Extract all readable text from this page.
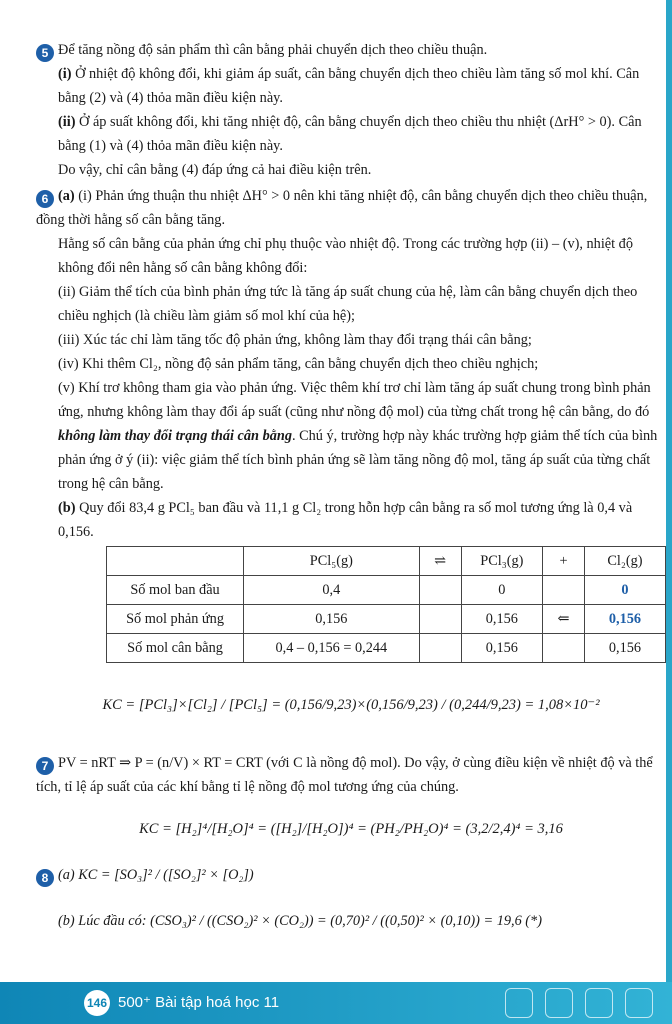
5 Để tăng nồng độ sản phẩm thì cân bằng phải chuyển dịch theo chiều thuận.

(i) Ở nhiệt độ không đổi, khi giảm áp suất, cân bằng chuyển dịch theo chiều làm tăng số mol khí. Cân bằng (2) và (4) thỏa mãn điều kiện này.

(ii) Ở áp suất không đổi, khi tăng nhiệt độ, cân bằng chuyển dịch theo chiều thu nhiệt (ΔrH° > 0). Cân bằng (1) và (4) thỏa mãn điều kiện này.

Do vậy, chỉ cân bằng (4) đáp ứng cả hai điều kiện trên.

6 (a) (i) Phản ứng thuận thu nhiệt ΔH° > 0 nên khi tăng nhiệt độ, cân bằng chuyển dịch theo chiều thuận, đồng thời hằng số cân bằng tăng.

Hằng số cân bằng của phản ứng chỉ phụ thuộc vào nhiệt độ. Trong các trường hợp (ii) – (v), nhiệt độ không đổi nên hằng số cân bằng không đổi:

(ii) Giảm thể tích của bình phản ứng tức là tăng áp suất chung của hệ, làm cân bằng chuyển dịch theo chiều nghịch (là chiều làm giảm số mol khí của hệ);

(iii) Xúc tác chỉ làm tăng tốc độ phản ứng, không làm thay đổi trạng thái cân bằng;

(iv) Khi thêm Cl₂, nồng độ sản phẩm tăng, cân bằng chuyển dịch theo chiều nghịch;

(v) Khí trơ không tham gia vào phản ứng. Việc thêm khí trơ chỉ làm tăng áp suất chung trong bình phản ứng, nhưng không làm thay đổi áp suất (cũng như nồng độ mol) của từng chất trong hệ cân bằng, do đó không làm thay đổi trạng thái cân bằng. Chú ý, trường hợp này khác trường hợp giảm thể tích của bình phản ứng ở ý (ii): việc giảm thể tích bình phản ứng sẽ làm tăng nồng độ mol, tăng áp suất của từng chất trong hệ cân bằng.

(b) Quy đổi 83,4 g PCl₅ ban đầu và 11,1 g Cl₂ trong hỗn hợp cân bằng ra số mol tương ứng là 0,4 và 0,156.

	PCl₅(g)	⇌	PCl₃(g)	+	Cl₂(g)
Số mol ban đầu	0,4		0		0
Số mol phản ứng	0,156		0,156	⇐	0,156
Số mol cân bằng	0,4 – 0,156 = 0,244		0,156		0,156

KC = [PCl₃]×[Cl₂] / [PCl₅] = (0,156/9,23)×(0,156/9,23) / (0,244/9,23) = 1,08×10⁻²

7 PV = nRT ⇒ P = (n/V) × RT = CRT (với C là nồng độ mol). Do vậy, ở cùng điều kiện về nhiệt độ và thể tích, tỉ lệ áp suất của các khí bằng tỉ lệ nồng độ mol tương ứng của chúng.

KC = [H₂]⁴/[H₂O]⁴ = ([H₂]/[H₂O])⁴ = (PH₂/PH₂O)⁴ = (3,2/2,4)⁴ = 3,16

8 (a) KC = [SO₃]² / ([SO₂]² × [O₂])

(b) Lúc đầu có: (CSO₃)² / ((CSO₂)² × (CO₂)) = (0,70)² / ((0,50)² × (0,10)) = 19,6 (*)

146 500⁺ Bài tập hoá học 11
